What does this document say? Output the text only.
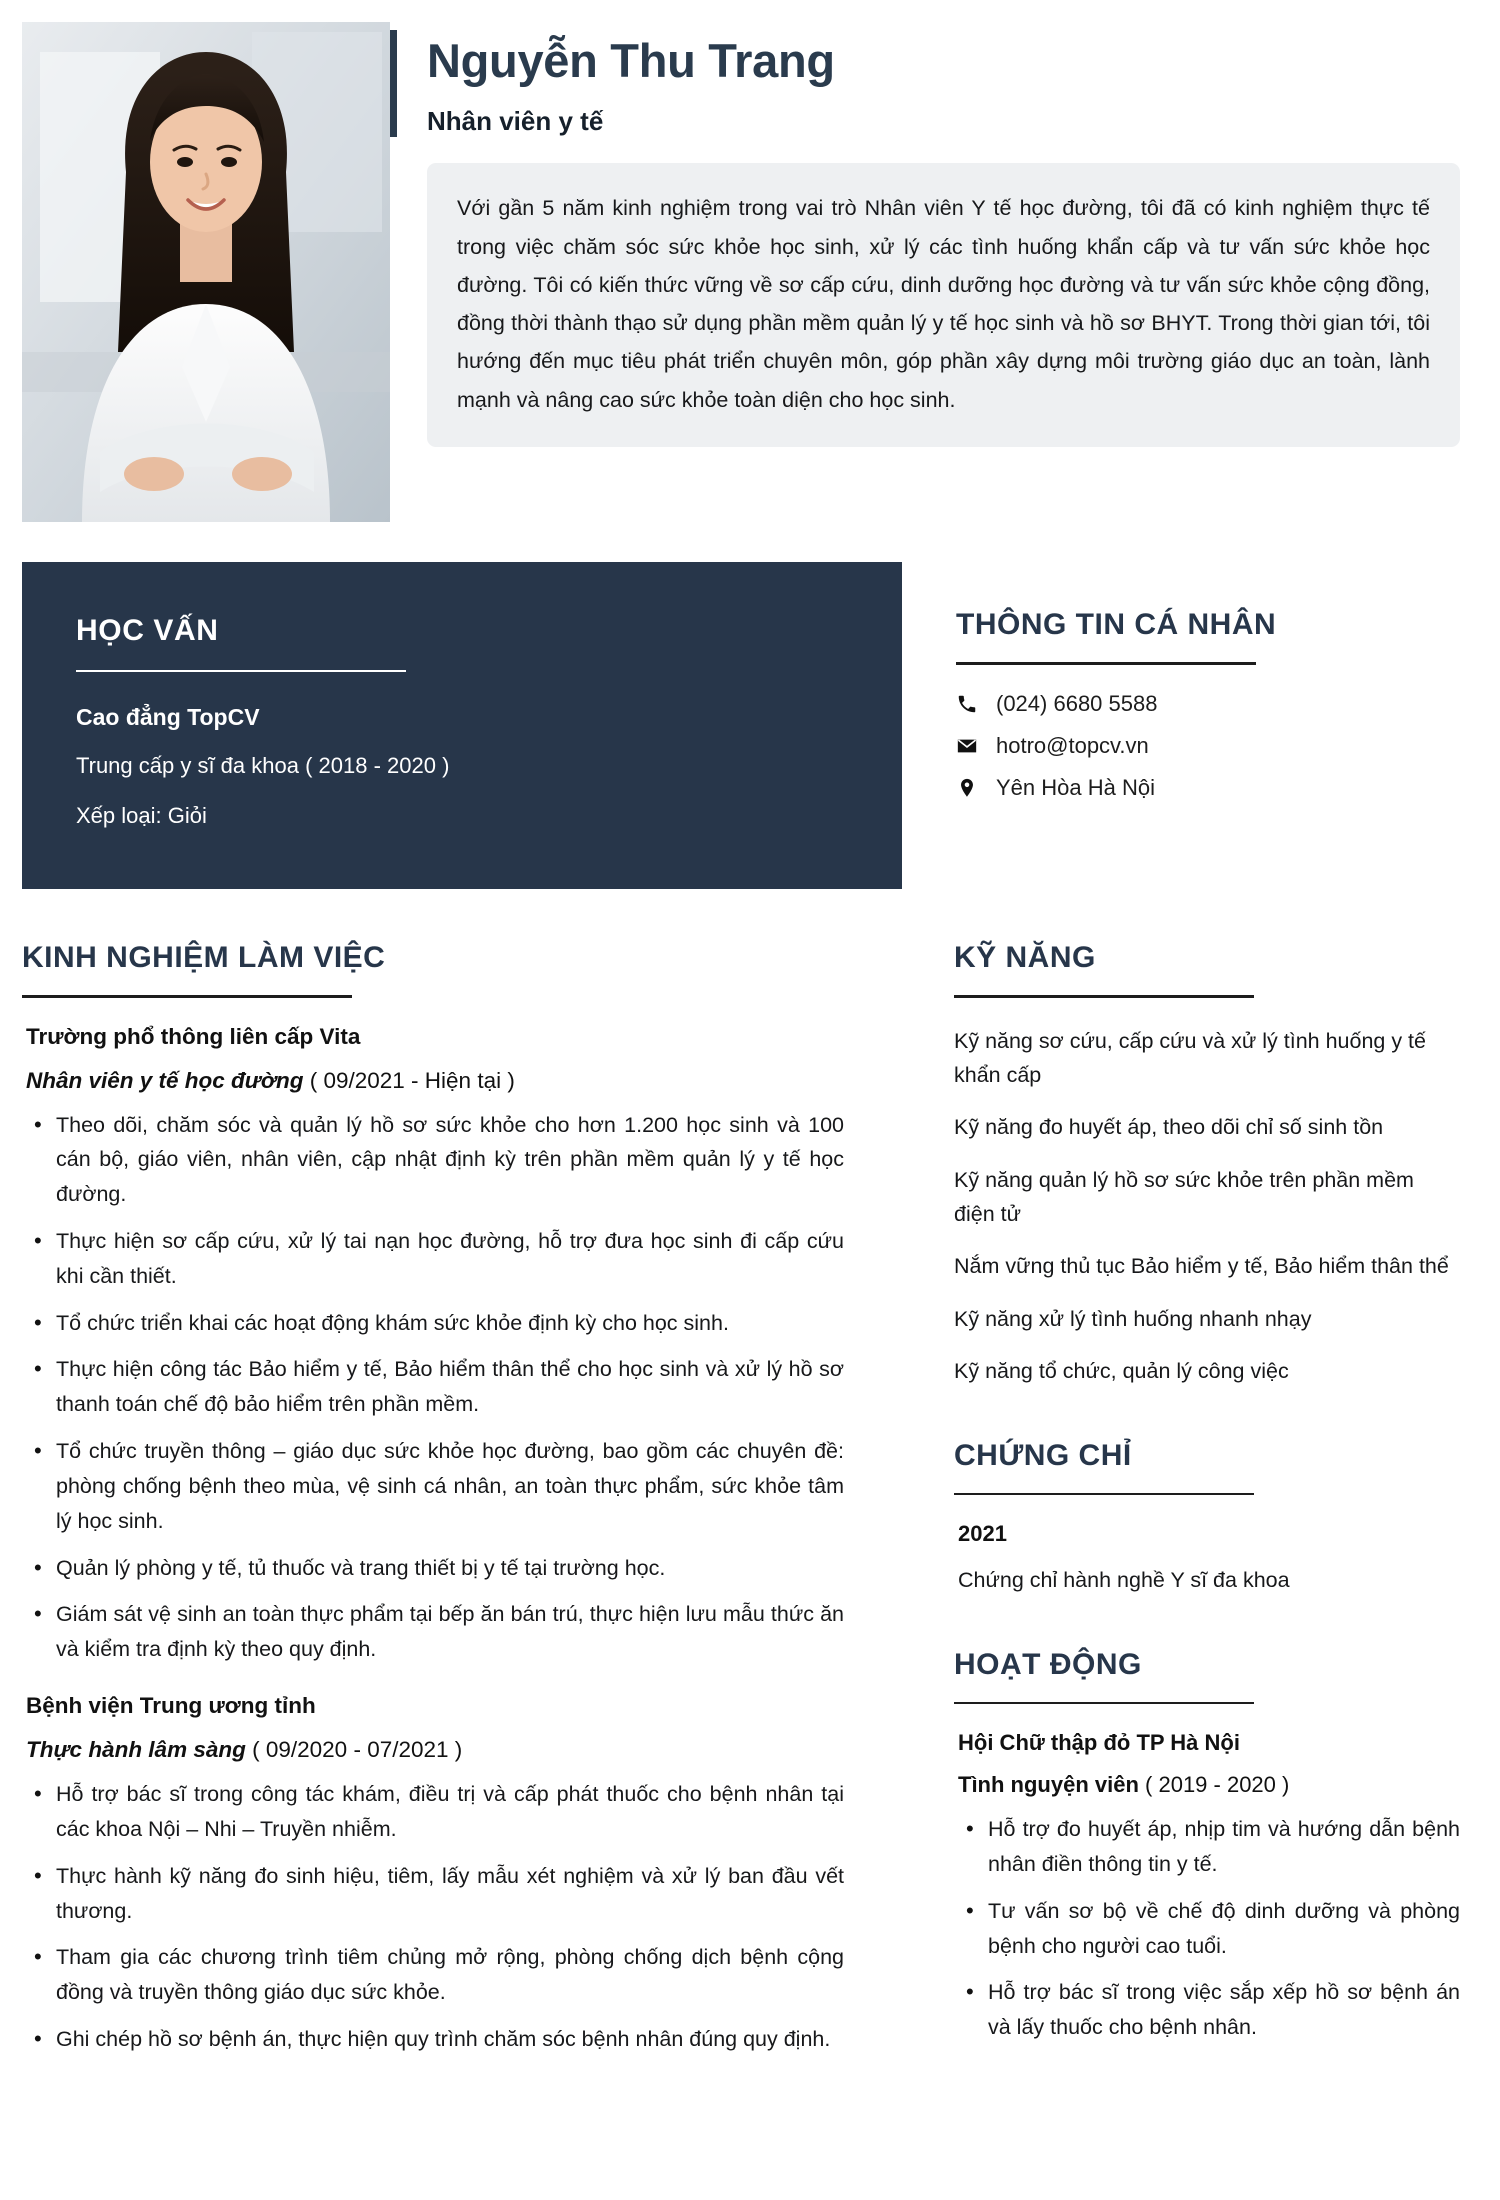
Nguyễn Thu Trang
Nhân viên y tế
Với gần 5 năm kinh nghiệm trong vai trò Nhân viên Y tế học đường, tôi đã có kinh nghiệm thực tế trong việc chăm sóc sức khỏe học sinh, xử lý các tình huống khẩn cấp và tư vấn sức khỏe học đường. Tôi có kiến thức vững về sơ cấp cứu, dinh dưỡng học đường và tư vấn sức khỏe cộng đồng, đồng thời thành thạo sử dụng phần mềm quản lý y tế học sinh và hồ sơ BHYT. Trong thời gian tới, tôi hướng đến mục tiêu phát triển chuyên môn, góp phần xây dựng môi trường giáo dục an toàn, lành mạnh và nâng cao sức khỏe toàn diện cho học sinh.
HỌC VẤN
Cao đẳng TopCV
Trung cấp y sĩ đa khoa ( 2018 - 2020 )
Xếp loại: Giỏi
THÔNG TIN CÁ NHÂN
(024) 6680 5588
hotro@topcv.vn
Yên Hòa Hà Nội
KINH NGHIỆM LÀM VIỆC
Trường phổ thông liên cấp Vita
Nhân viên y tế học đường ( 09/2021 - Hiện tại )
• Theo dõi, chăm sóc và quản lý hồ sơ sức khỏe cho hơn 1.200 học sinh và 100 cán bộ, giáo viên, nhân viên, cập nhật định kỳ trên phần mềm quản lý y tế học đường.
• Thực hiện sơ cấp cứu, xử lý tai nạn học đường, hỗ trợ đưa học sinh đi cấp cứu khi cần thiết.
• Tổ chức triển khai các hoạt động khám sức khỏe định kỳ cho học sinh.
• Thực hiện công tác Bảo hiểm y tế, Bảo hiểm thân thể cho học sinh và xử lý hồ sơ thanh toán chế độ bảo hiểm trên phần mềm.
• Tổ chức truyền thông – giáo dục sức khỏe học đường, bao gồm các chuyên đề: phòng chống bệnh theo mùa, vệ sinh cá nhân, an toàn thực phẩm, sức khỏe tâm lý học sinh.
• Quản lý phòng y tế, tủ thuốc và trang thiết bị y tế tại trường học.
• Giám sát vệ sinh an toàn thực phẩm tại bếp ăn bán trú, thực hiện lưu mẫu thức ăn và kiểm tra định kỳ theo quy định.
Bệnh viện Trung ương tỉnh
Thực hành lâm sàng ( 09/2020 - 07/2021 )
• Hỗ trợ bác sĩ trong công tác khám, điều trị và cấp phát thuốc cho bệnh nhân tại các khoa Nội – Nhi – Truyền nhiễm.
• Thực hành kỹ năng đo sinh hiệu, tiêm, lấy mẫu xét nghiệm và xử lý ban đầu vết thương.
• Tham gia các chương trình tiêm chủng mở rộng, phòng chống dịch bệnh cộng đồng và truyền thông giáo dục sức khỏe.
• Ghi chép hồ sơ bệnh án, thực hiện quy trình chăm sóc bệnh nhân đúng quy định.
KỸ NĂNG
Kỹ năng sơ cứu, cấp cứu và xử lý tình huống y tế khẩn cấp
Kỹ năng đo huyết áp, theo dõi chỉ số sinh tồn
Kỹ năng quản lý hồ sơ sức khỏe trên phần mềm điện tử
Nắm vững thủ tục Bảo hiểm y tế, Bảo hiểm thân thể
Kỹ năng xử lý tình huống nhanh nhạy
Kỹ năng tổ chức, quản lý công việc
CHỨNG CHỈ
2021
Chứng chỉ hành nghề Y sĩ đa khoa
HOẠT ĐỘNG
Hội Chữ thập đỏ TP Hà Nội
Tình nguyện viên ( 2019 - 2020 )
• Hỗ trợ đo huyết áp, nhịp tim và hướng dẫn bệnh nhân điền thông tin y tế.
• Tư vấn sơ bộ về chế độ dinh dưỡng và phòng bệnh cho người cao tuổi.
• Hỗ trợ bác sĩ trong việc sắp xếp hồ sơ bệnh án và lấy thuốc cho bệnh nhân.
